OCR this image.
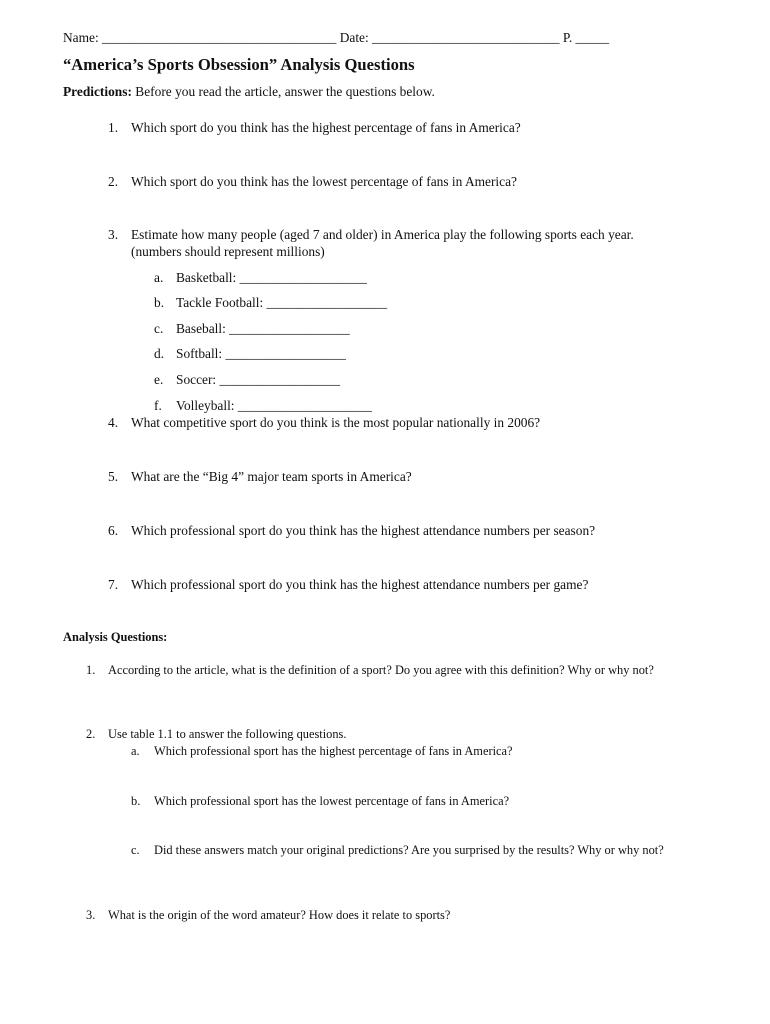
Name: ___________________________________ Date: ____________________________ P. _____
“America’s Sports Obsession” Analysis Questions
Predictions: Before you read the article, answer the questions below.
1. Which sport do you think has the highest percentage of fans in America?
2. Which sport do you think has the lowest percentage of fans in America?
3. Estimate how many people (aged 7 and older) in America play the following sports each year.
(numbers should represent millions)
a. Basketball: ___________________
b. Tackle Football: __________________
c. Baseball: __________________
d. Softball: __________________
e. Soccer: __________________
f. Volleyball: ____________________
4. What competitive sport do you think is the most popular nationally in 2006?
5. What are the “Big 4” major team sports in America?
6. Which professional sport do you think has the highest attendance numbers per season?
7. Which professional sport do you think has the highest attendance numbers per game?
Analysis Questions:
1. According to the article, what is the definition of a sport? Do you agree with this definition? Why or why not?
2. Use table 1.1 to answer the following questions.
a. Which professional sport has the highest percentage of fans in America?
b. Which professional sport has the lowest percentage of fans in America?
c. Did these answers match your original predictions? Are you surprised by the results? Why or why not?
3. What is the origin of the word amateur? How does it relate to sports?
